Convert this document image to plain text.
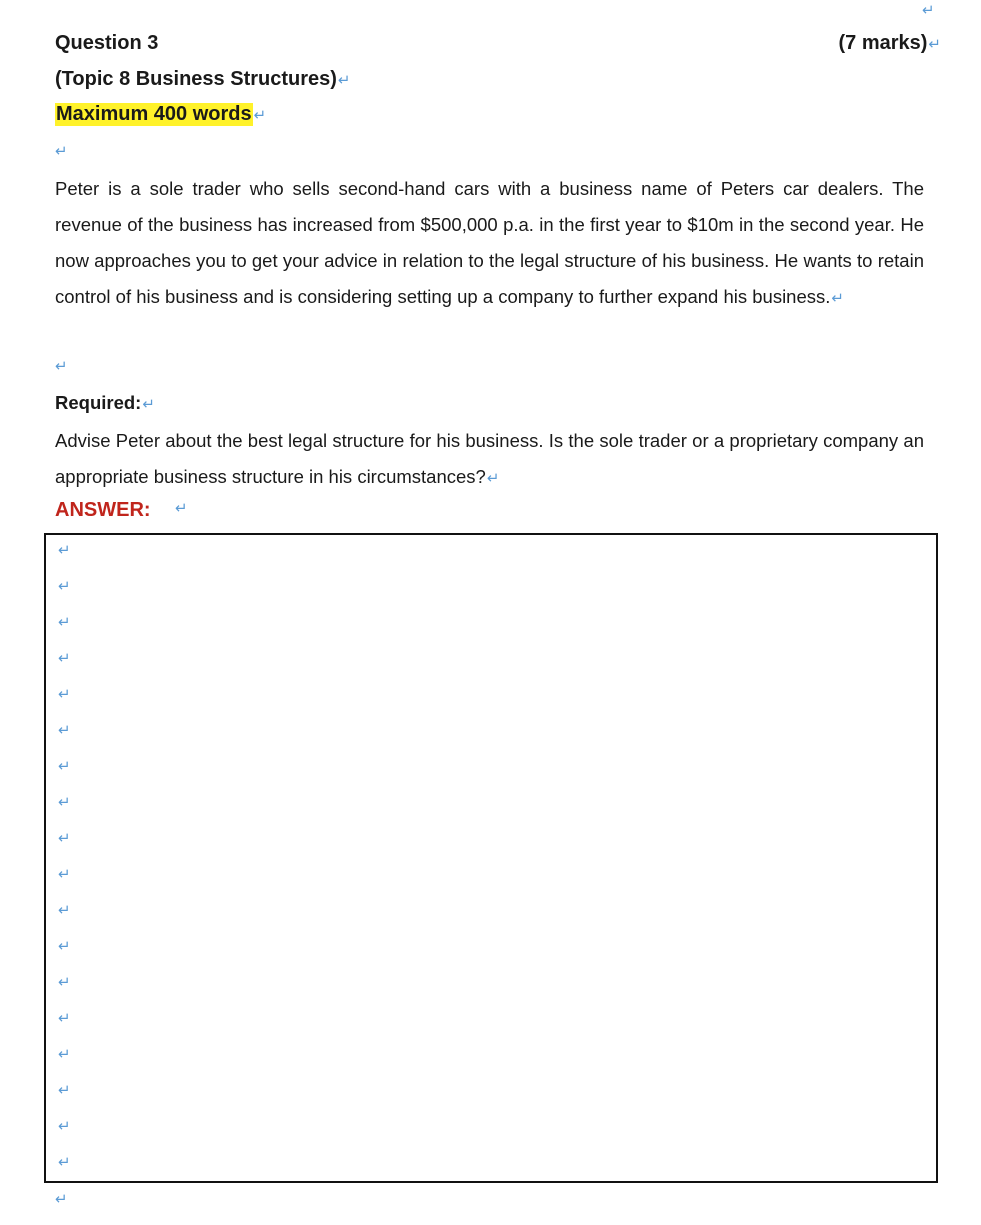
↵
Question 3	(7 marks)↵
(Topic 8 Business Structures)↵
Maximum 400 words ↵
↵

Peter is a sole trader who sells second-hand cars with a business name of Peters car dealers. The revenue of the business has increased from $500,000 p.a. in the first year to $10m in the second year. He now approaches you to get your advice in relation to the legal structure of his business. He wants to retain control of his business and is considering setting up a company to further expand his business.↵

↵
Required:↵

Advise Peter about the best legal structure for his business. Is the sole trader or a proprietary company an appropriate business structure in his circumstances?↵

ANSWER: ↵
↵
↵
↵
↵
↵
↵
↵
↵
↵
↵
↵
↵
↵
↵
↵
↵
↵
↵
↵
